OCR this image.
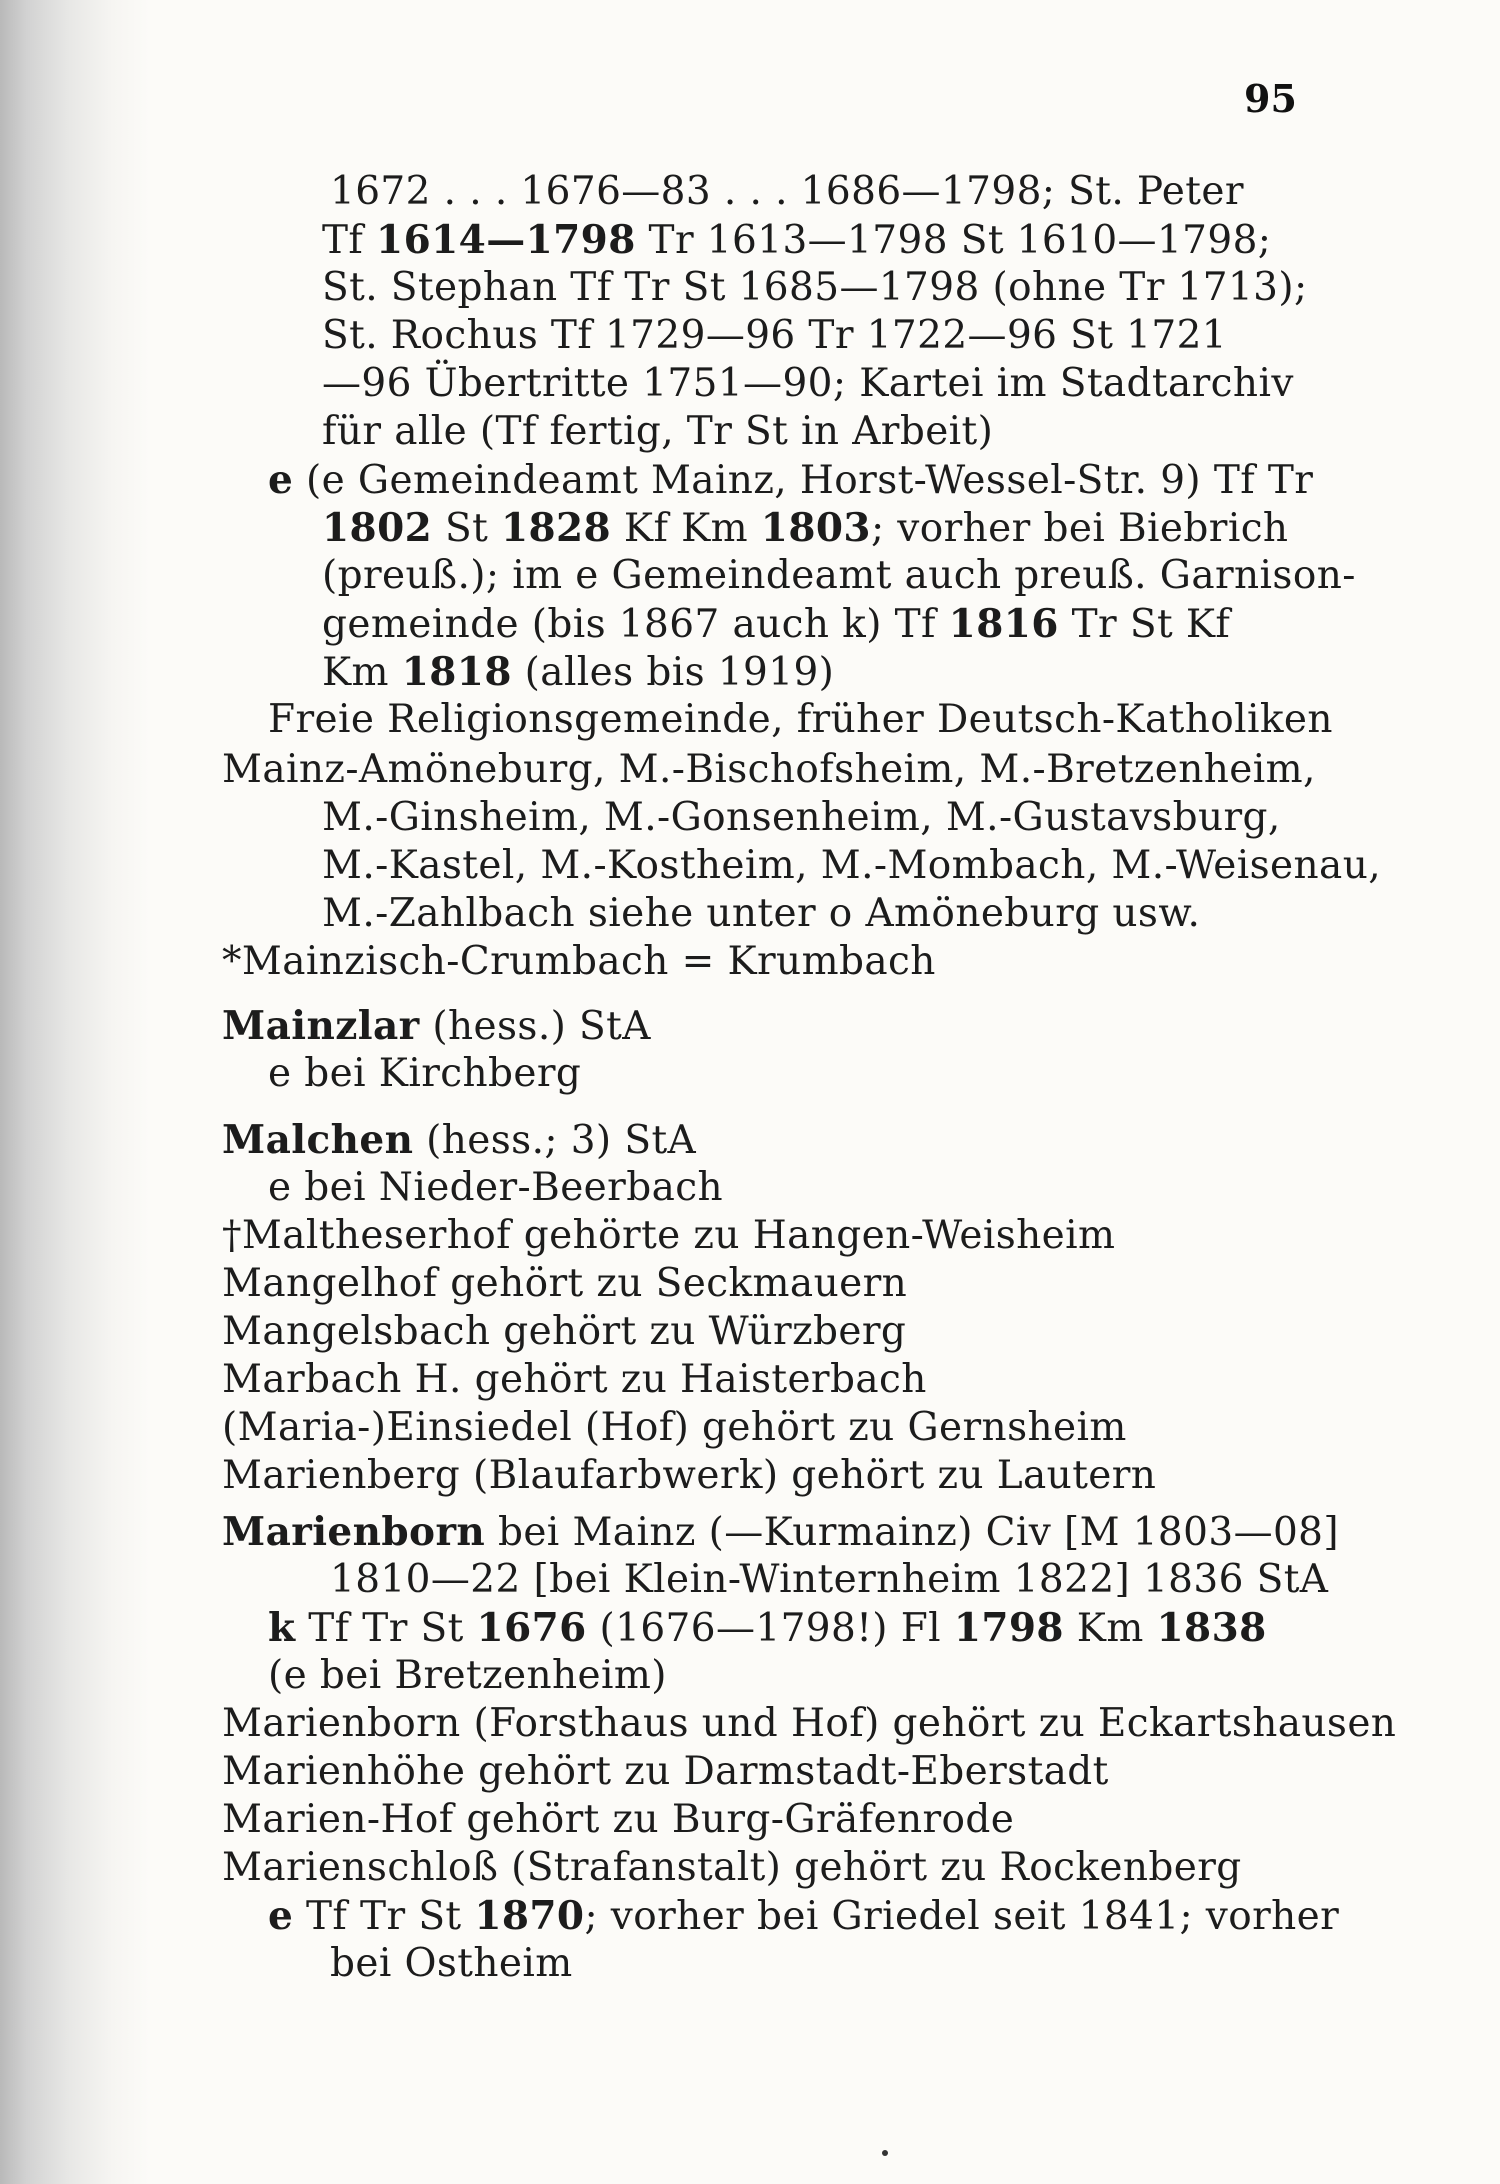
95
1672 . . . 1676—83 . . . 1686—1798; St. Peter
Tf 1614—1798 Tr 1613—1798 St 1610—1798;
St. Stephan Tf Tr St 1685—1798 (ohne Tr 1713);
St. Rochus Tf 1729—96 Tr 1722—96 St 1721
—96 Übertritte 1751—90; Kartei im Stadtarchiv
für alle (Tf fertig, Tr St in Arbeit)
e (e Gemeindeamt Mainz, Horst-Wessel-Str. 9) Tf Tr
1802 St 1828 Kf Km 1803; vorher bei Biebrich
(preuß.); im e Gemeindeamt auch preuß. Garnison-
gemeinde (bis 1867 auch k) Tf 1816 Tr St Kf
Km 1818 (alles bis 1919)
Freie Religionsgemeinde, früher Deutsch-Katholiken
Mainz-Amöneburg, M.-Bischofsheim, M.-Bretzenheim,
M.-Ginsheim, M.-Gonsenheim, M.-Gustavsburg,
M.-Kastel, M.-Kostheim, M.-Mombach, M.-Weisenau,
M.-Zahlbach siehe unter o Amöneburg usw.
*Mainzisch-Crumbach = Krumbach
Mainzlar (hess.) StA
e bei Kirchberg
Malchen (hess.; 3) StA
e bei Nieder-Beerbach
†Maltheserhof gehörte zu Hangen-Weisheim
Mangelhof gehört zu Seckmauern
Mangelsbach gehört zu Würzberg
Marbach H. gehört zu Haisterbach
(Maria-)Einsiedel (Hof) gehört zu Gernsheim
Marienberg (Blaufarbwerk) gehört zu Lautern
Marienborn bei Mainz (—Kurmainz) Civ [M 1803—08]
1810—22 [bei Klein-Winternheim 1822] 1836 StA
k Tf Tr St 1676 (1676—1798!) Fl 1798 Km 1838
(e bei Bretzenheim)
Marienborn (Forsthaus und Hof) gehört zu Eckartshausen
Marienhöhe gehört zu Darmstadt-Eberstadt
Marien-Hof gehört zu Burg-Gräfenrode
Marienschloß (Strafanstalt) gehört zu Rockenberg
e Tf Tr St 1870; vorher bei Griedel seit 1841; vorher
bei Ostheim
